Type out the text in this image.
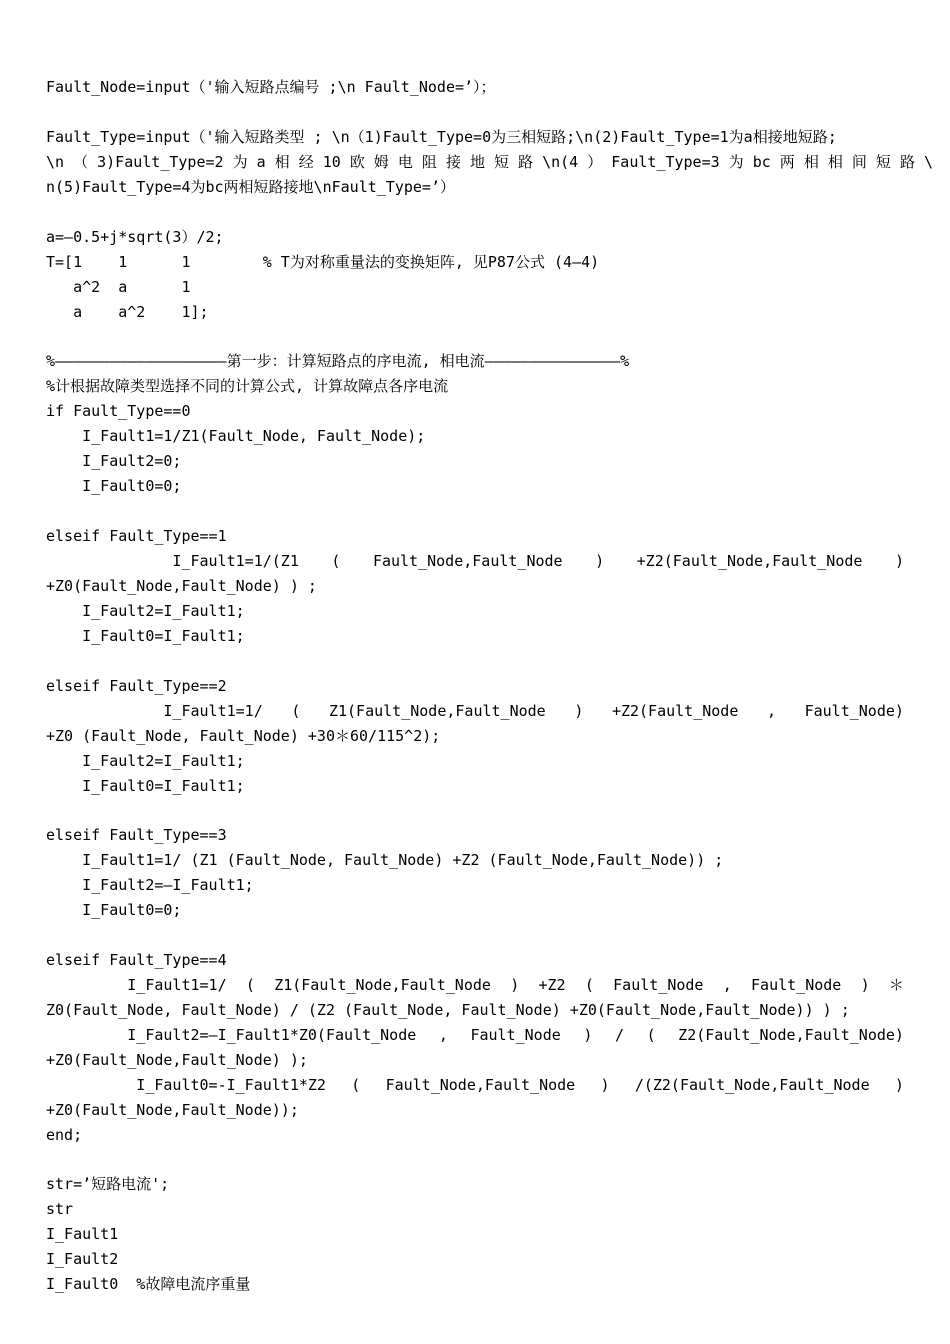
Fault_Node=input（'输入短路点编号 ;\n Fault_Node=’）；
Fault_Type=input（'输入短路类型 ; \n（1)Fault_Type=0为三相短路;\n(2)Fault_Type=1为a相接地短路;
\n （ 3)Fault_Type=2 为 a 相 经 10 欧 姆 电 阻 接 地 短 路 \n(4 ） Fault_Type=3 为 bc 两 相 相 间 短 路 \
n(5)Fault_Type=4为bc两相短路接地\nFault_Type=’）
a=—0.5+j*sqrt(3）/2;
T=[1    1      1        % T为对称重量法的变换矩阵, 见P87公式 (4—4)
a^2  a      1
a    a^2    1];
%———————————————————第一步：计算短路点的序电流, 相电流———————————————%
%计根据故障类型选择不同的计算公式, 计算故障点各序电流
if Fault_Type==0
I_Fault1=1/Z1(Fault_Node, Fault_Node);
I_Fault2=0;
I_Fault0=0;
elseif Fault_Type==1
I_Fault1=1/(Z1 ( Fault_Node,Fault_Node ) +Z2(Fault_Node,Fault_Node )
+Z0(Fault_Node,Fault_Node) ) ;
I_Fault2=I_Fault1;
I_Fault0=I_Fault1;
elseif Fault_Type==2
I_Fault1=1/ ( Z1(Fault_Node,Fault_Node ) +Z2(Fault_Node , Fault_Node)
+Z0 (Fault_Node, Fault_Node) +30＊60/115^2);
I_Fault2=I_Fault1;
I_Fault0=I_Fault1;
elseif Fault_Type==3
I_Fault1=1/ (Z1 (Fault_Node, Fault_Node) +Z2 (Fault_Node,Fault_Node)) ;
I_Fault2=—I_Fault1;
I_Fault0=0;
elseif Fault_Type==4
I_Fault1=1/ ( Z1(Fault_Node,Fault_Node ) +Z2 ( Fault_Node , Fault_Node ) ＊
Z0(Fault_Node, Fault_Node) / (Z2 (Fault_Node, Fault_Node) +Z0(Fault_Node,Fault_Node)) ) ;
I_Fault2=—I_Fault1*Z0(Fault_Node , Fault_Node ) / ( Z2(Fault_Node,Fault_Node)
+Z0(Fault_Node,Fault_Node) );
I_Fault0=-I_Fault1*Z2 ( Fault_Node,Fault_Node ) /(Z2(Fault_Node,Fault_Node )
+Z0(Fault_Node,Fault_Node));
end;
str=’短路电流';
str
I_Fault1
I_Fault2
I_Fault0  %故障电流序重量
